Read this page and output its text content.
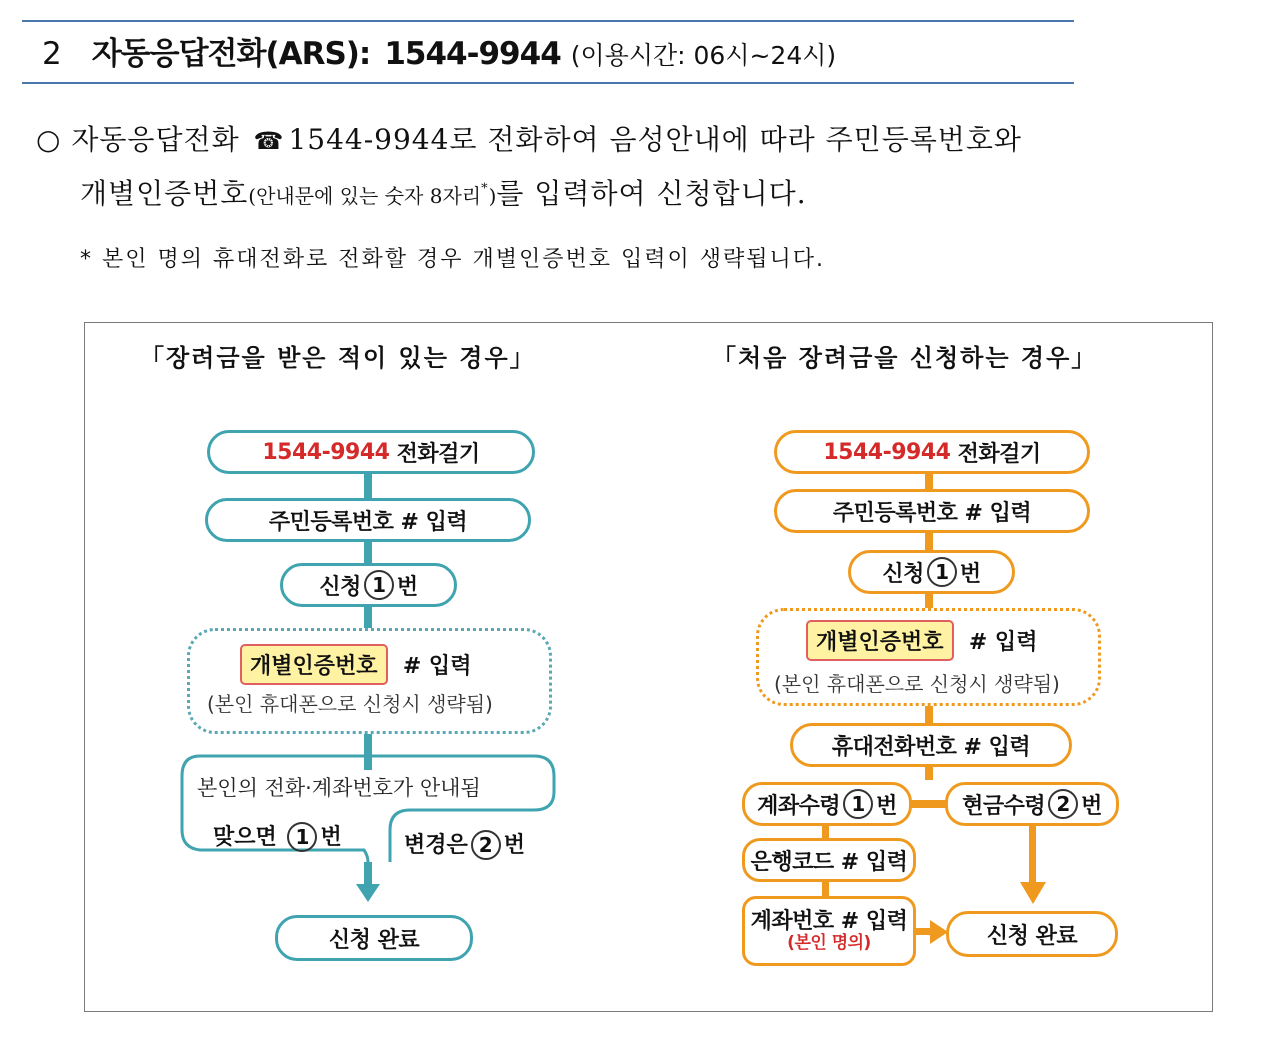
2 자동응답전화(ARS): 1544-9944 (이용시간: 06시~24시)
○ 자동응답전화 ☎ 1544-9944로 전화하여 음성안내에 따라 주민등록번호와
개별인증번호(안내문에 있는 숫자 8자리*)를 입력하여 신청합니다.
* 본인 명의 휴대전화로 전화할 경우 개별인증번호 입력이 생략됩니다.
「장려금을 받은 적이 있는 경우」
1544-9944
전화걸기
주민등록번호 # 입력
신청 1 번
개별인증번호 # 입력
(본인 휴대폰으로 신청시 생략됨)
본인의 전화·계좌번호가 안내됨
맞으면 1 번	변경은 2 번
신청 완료
「처음 장려금을 신청하는 경우」
1544-9944
전화걸기
주민등록번호 # 입력
신청 1 번
개별인증번호 # 입력
(본인 휴대폰으로 신청시 생략됨)
휴대전화번호 # 입력
계좌수령 1 번	현금수령 2 번
은행코드 # 입력
계좌번호 # 입력
(본인 명의)	신청 완료
